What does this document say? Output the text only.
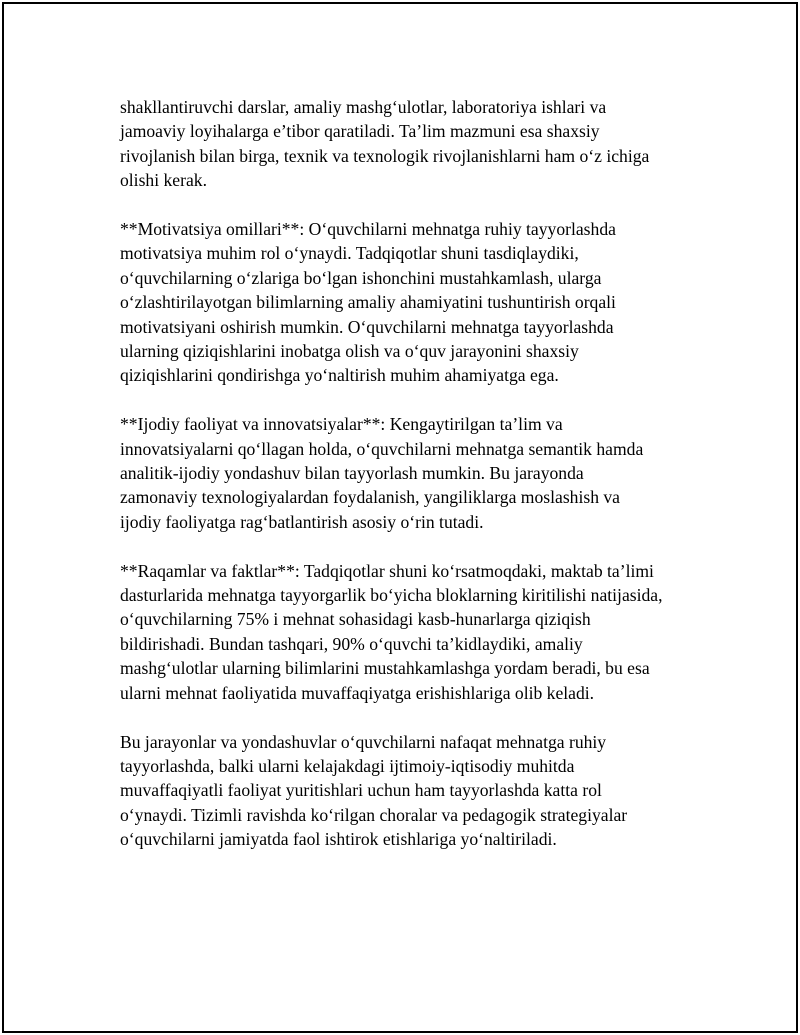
shakllantiruvchi darslar, amaliy mashg‘ulotlar, laboratoriya ishlari va
jamoaviy loyihalarga e’tibor qaratiladi. Ta’lim mazmuni esa shaxsiy
rivojlanish bilan birga, texnik va texnologik rivojlanishlarni ham o‘z ichiga
olishi kerak.

**Motivatsiya omillari**: O‘quvchilarni mehnatga ruhiy tayyorlashda
motivatsiya muhim rol o‘ynaydi. Tadqiqotlar shuni tasdiqlaydiki,
o‘quvchilarning o‘zlariga bo‘lgan ishonchini mustahkamlash, ularga
o‘zlashtirilayotgan bilimlarning amaliy ahamiyatini tushuntirish orqali
motivatsiyani oshirish mumkin. O‘quvchilarni mehnatga tayyorlashda
ularning qiziqishlarini inobatga olish va o‘quv jarayonini shaxsiy
qiziqishlarini qondirishga yo‘naltirish muhim ahamiyatga ega.

**Ijodiy faoliyat va innovatsiyalar**: Kengaytirilgan ta’lim va
innovatsiyalarni qo‘llagan holda, o‘quvchilarni mehnatga semantik hamda
analitik-ijodiy yondashuv bilan tayyorlash mumkin. Bu jarayonda
zamonaviy texnologiyalardan foydalanish, yangiliklarga moslashish va
ijodiy faoliyatga rag‘batlantirish asosiy o‘rin tutadi.

**Raqamlar va faktlar**: Tadqiqotlar shuni ko‘rsatmoqdaki, maktab ta’limi
dasturlarida mehnatga tayyorgarlik bo‘yicha bloklarning kiritilishi natijasida,
o‘quvchilarning 75% i mehnat sohasidagi kasb-hunarlarga qiziqish
bildirishadi. Bundan tashqari, 90% o‘quvchi ta’kidlaydiki, amaliy
mashg‘ulotlar ularning bilimlarini mustahkamlashga yordam beradi, bu esa
ularni mehnat faoliyatida muvaffaqiyatga erishishlariga olib keladi.

Bu jarayonlar va yondashuvlar o‘quvchilarni nafaqat mehnatga ruhiy
tayyorlashda, balki ularni kelajakdagi ijtimoiy-iqtisodiy muhitda
muvaffaqiyatli faoliyat yuritishlari uchun ham tayyorlashda katta rol
o‘ynaydi. Tizimli ravishda ko‘rilgan choralar va pedagogik strategiyalar
o‘quvchilarni jamiyatda faol ishtirok etishlariga yo‘naltiriladi.
